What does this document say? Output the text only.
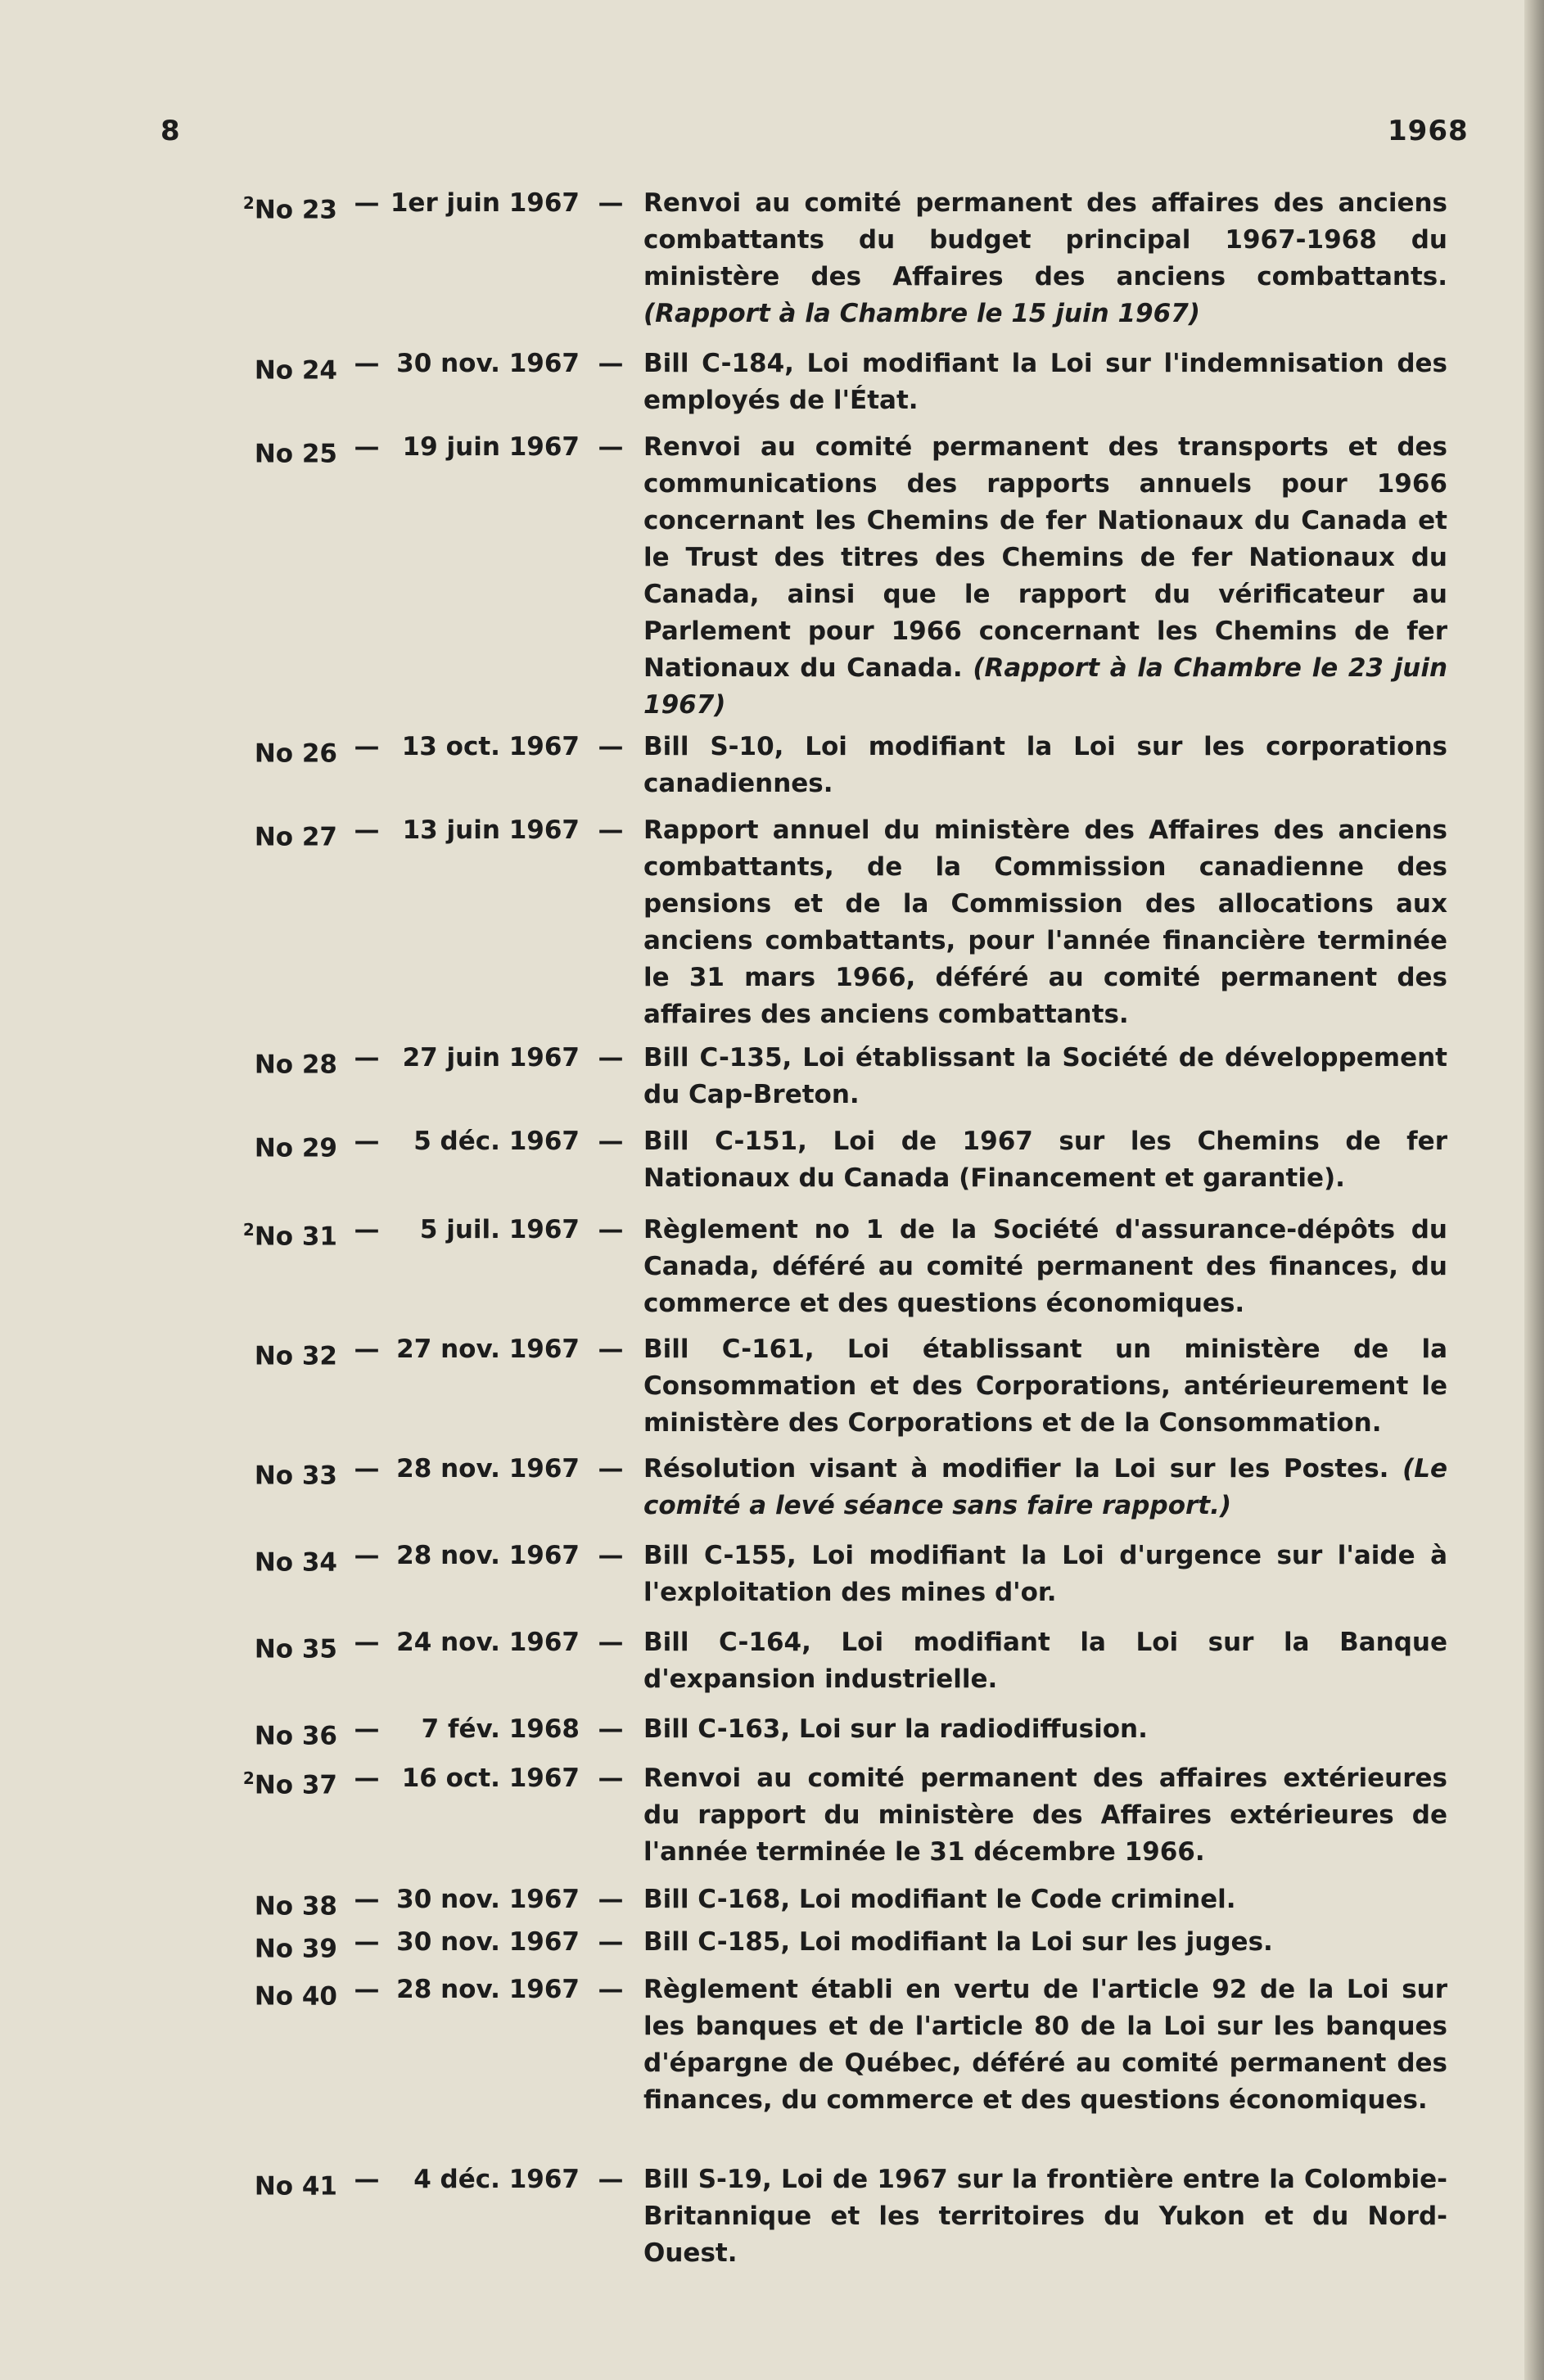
8	1968
$^2$No 23 — 1er juin 1967 — Renvoi au comité permanent des affaires des anciens combattants du budget principal 1967-1968 du ministère des Affaires des anciens combattants. (Rapport à la Chambre le 15 juin 1967)
No 24 — 30 nov. 1967 — Bill C-184, Loi modifiant la Loi sur l'indemnisation des employés de l'État.
No 25 — 19 juin 1967 — Renvoi au comité permanent des transports et des communications des rapports annuels pour 1966 concernant les Chemins de fer Nationaux du Canada et le Trust des titres des Chemins de fer Nationaux du Canada, ainsi que le rapport du vérificateur au Parlement pour 1966 concernant les Chemins de fer Nationaux du Canada. (Rapport à la Chambre le 23 juin 1967)
No 26 — 13 oct. 1967 — Bill S-10, Loi modifiant la Loi sur les corporations canadiennes.
No 27 — 13 juin 1967 — Rapport annuel du ministère des Affaires des anciens combattants, de la Commission canadienne des pensions et de la Commission des allocations aux anciens combattants, pour l'année financière terminée le 31 mars 1966, déféré au comité permanent des affaires des anciens combattants.
No 28 — 27 juin 1967 — Bill C-135, Loi établissant la Société de développement du Cap-Breton.
No 29 —	5 déc. 1967 — Bill C-151, Loi de 1967 sur les Chemins de fer Nationaux du Canada (Financement et garantie).
$^2$No 31 —	5 juil. 1967 — Règlement no 1 de la Société d'assurance-dépôts du Canada, déféré au comité permanent des finances, du commerce et des questions économiques.
No 32 — 27 nov. 1967 — Bill C-161, Loi établissant un ministère de la Consommation et des Corporations, antérieurement le ministère des Corporations et de la Consommation.
No 33 — 28 nov. 1967 — Résolution visant à modifier la Loi sur les Postes. (Le comité a levé séance sans faire rapport.)
No 34 — 28 nov. 1967 — Bill C-155, Loi modifiant la Loi d'urgence sur l'aide à l'exploitation des mines d'or.
No 35 — 24 nov. 1967 — Bill C-164, Loi modifiant la Loi sur la Banque d'expansion industrielle.
No 36 —	7 fév. 1968 — Bill C-163, Loi sur la radiodiffusion.
$^2$No 37 — 16 oct. 1967 — Renvoi au comité permanent des affaires extérieures du rapport du ministère des Affaires extérieures de l'année terminée le 31 décembre 1966.
No 38 — 30 nov. 1967 — Bill C-168, Loi modifiant le Code criminel.
No 39 — 30 nov. 1967 — Bill C-185, Loi modifiant la Loi sur les juges.
No 40 — 28 nov. 1967 — Règlement établi en vertu de l'article 92 de la Loi sur les banques et de l'article 80 de la Loi sur les banques d'épargne de Québec, déféré au comité permanent des finances, du commerce et des questions économiques.
No 41 —	4 déc. 1967 — Bill S-19, Loi de 1967 sur la frontière entre la Colombie-Britannique et les territoires du Yukon et du Nord-Ouest.
